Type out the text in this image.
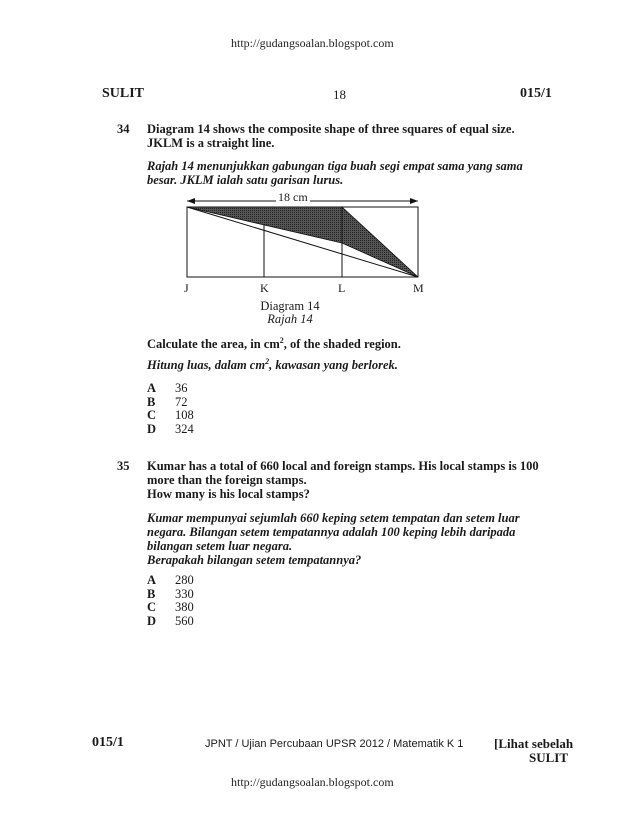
http://gudangsoalan.blogspot.com
SULIT	18	015/1
34 Diagram 14 shows the composite shape of three squares of equal size.
JKLM is a straight line.
Rajah 14 menunjukkan gabungan tiga buah segi empat sama yang sama
besar. JKLM ialah satu garisan lurus.
18 cm
J	K	L	M
Diagram 14
Rajah 14
Calculate the area, in $cm^2$, of the shaded region.
Hitung luas, dalam $cm^2$, kawasan yang berlorek.
A 36
B 72
C 108
D 324
35 Kumar has a total of 660 local and foreign stamps. His local stamps is 100
more than the foreign stamps.
How many is his local stamps?
Kumar mempunyai sejumlah 660 keping setem tempatan dan setem luar
negara. Bilangan setem tempatannya adalah 100 keping lebih daripada
bilangan setem luar negara.
Berapakah bilangan setem tempatannya?
A 280
B 330
C 380
D 560
015/1	JPNT / Ujian Percubaan UPSR 2012 / Matematik K 1 [Lihat sebelah
SULIT
http://gudangsoalan.blogspot.com
